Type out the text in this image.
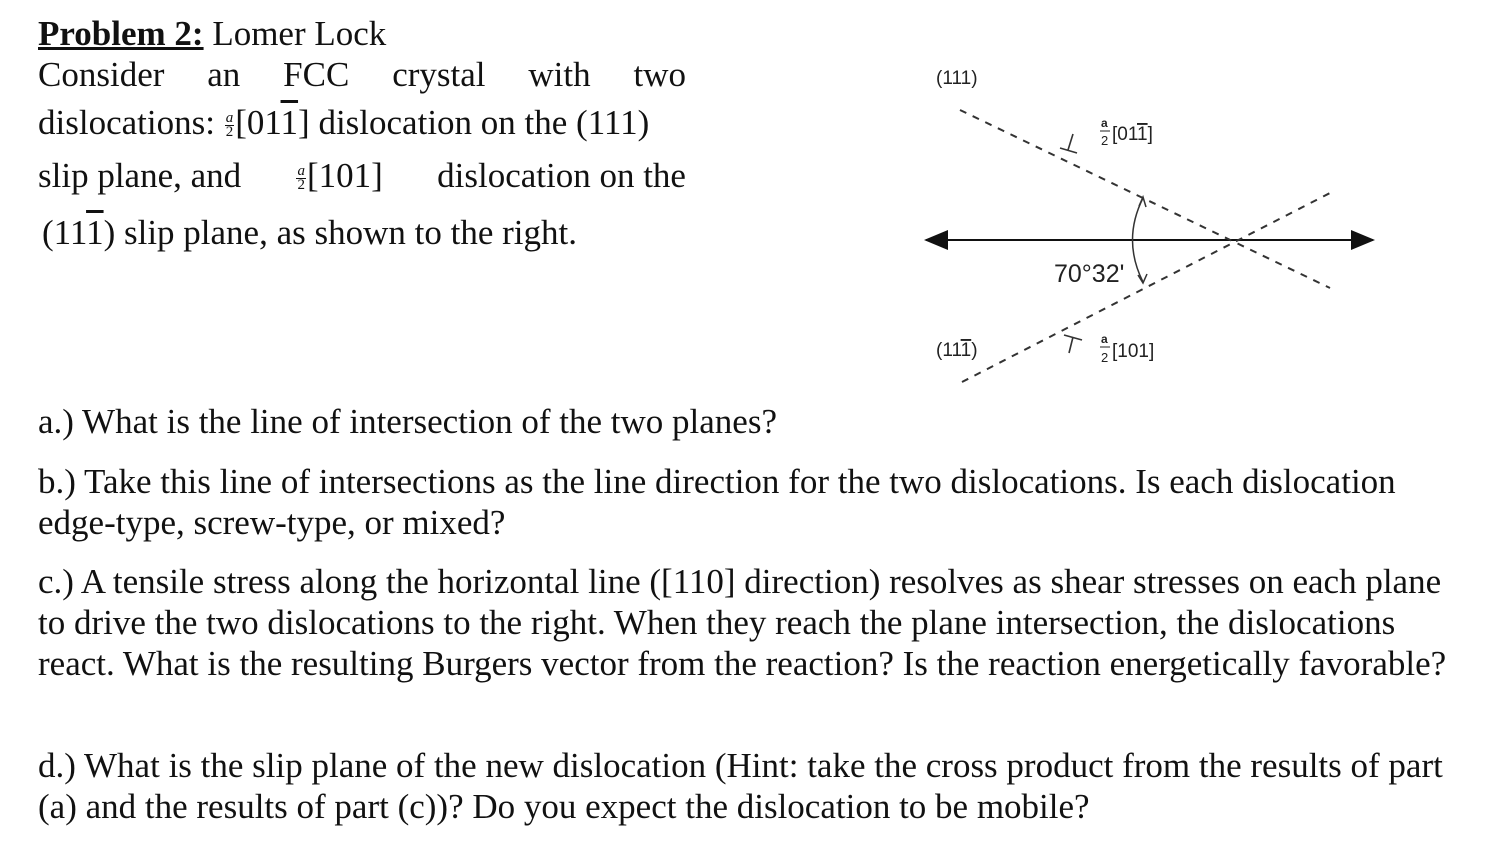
Problem 2: Lomer Lock
Consider an FCC crystal with two
dislocations: $\frac{a}{2} [011]$ dislocation on the (111)
slip plane, and	$\frac{a}{2} [101]$ dislocation on the
(111) slip plane, as shown to the right.
(111)
(111)
a
2 [011]
a
2 [101]
70°32'
a.) What is the line of intersection of the two planes?
b.) Take this line of intersections as the line direction for the two dislocations. Is each dislocation edge-type, screw-type, or mixed?
c.) A tensile stress along the horizontal line ([110] direction) resolves as shear stresses on each plane to drive the two dislocations to the right. When they reach the plane intersection, the dislocations react. What is the resulting Burgers vector from the reaction? Is the reaction energetically favorable?
d.) What is the slip plane of the new dislocation (Hint: take the cross product from the results of part (a) and the results of part (c))? Do you expect the dislocation to be mobile?
